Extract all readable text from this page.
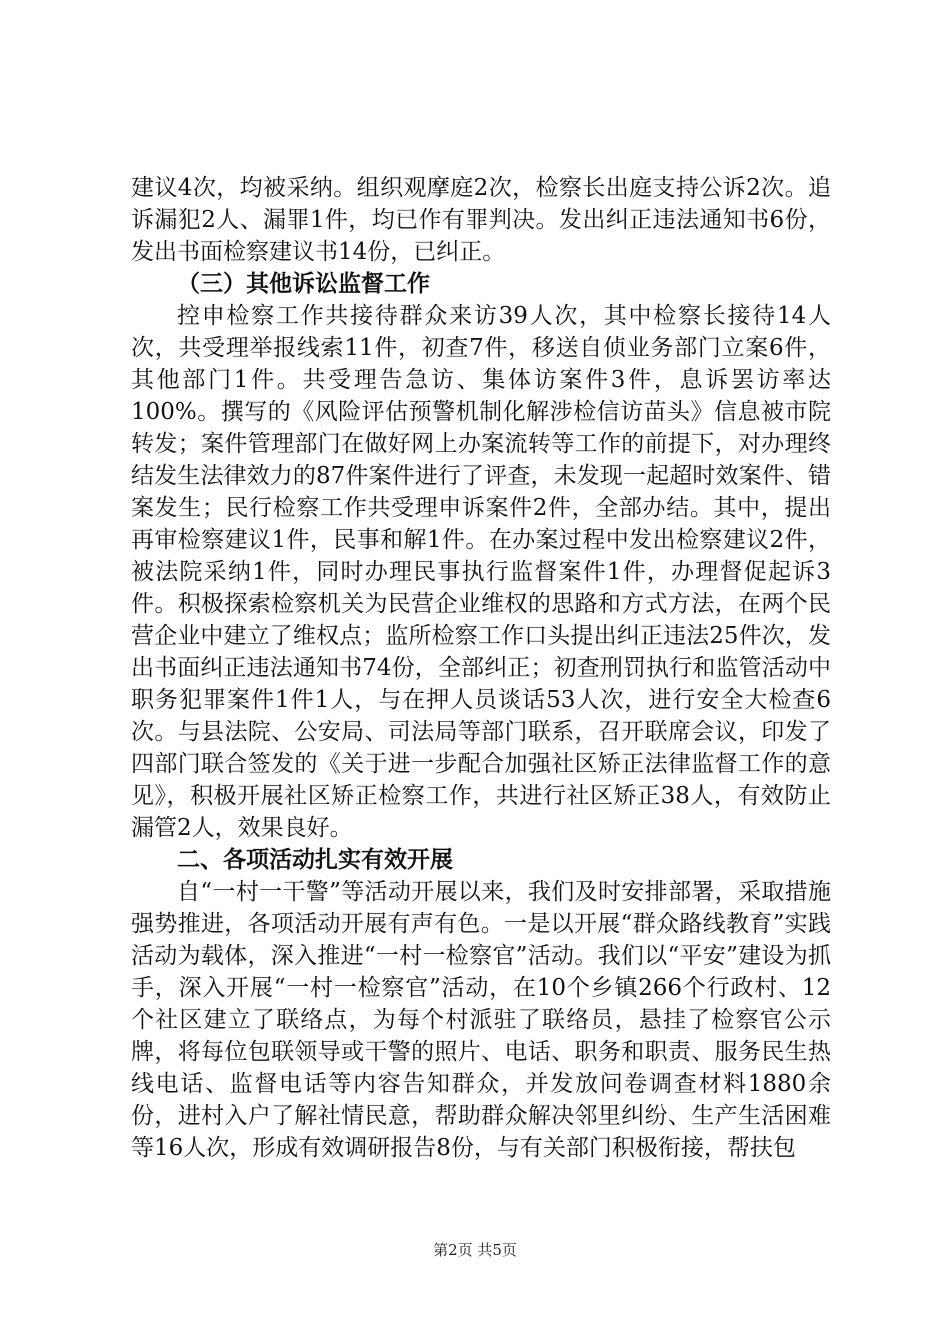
建议4次，均被采纳。组织观摩庭2次，检察长出庭支持公诉2次。追诉漏犯2人、漏罪1件，均已作有罪判决。发出纠正违法通知书6份，发出书面检察建议书14份，已纠正。

（三）其他诉讼监督工作

控申检察工作共接待群众来访39人次，其中检察长接待14人次，共受理举报线索11件，初查7件，移送自侦业务部门立案6件，其他部门1件。共受理告急访、集体访案件3件，息诉罢访率达100%。撰写的《风险评估预警机制化解涉检信访苗头》信息被市院转发；案件管理部门在做好网上办案流转等工作的前提下，对办理终结发生法律效力的87件案件进行了评查，未发现一起超时效案件、错案发生；民行检察工作共受理申诉案件2件，全部办结。其中，提出再审检察建议1件，民事和解1件。在办案过程中发出检察建议2件，被法院采纳1件，同时办理民事执行监督案件1件，办理督促起诉3件。积极探索检察机关为民营企业维权的思路和方式方法，在两个民营企业中建立了维权点；监所检察工作口头提出纠正违法25件次，发出书面纠正违法通知书74份，全部纠正；初查刑罚执行和监管活动中职务犯罪案件1件1人，与在押人员谈话53人次，进行安全大检查6次。与县法院、公安局、司法局等部门联系，召开联席会议，印发了四部门联合签发的《关于进一步配合加强社区矫正法律监督工作的意见》，积极开展社区矫正检察工作，共进行社区矫正38人，有效防止漏管2人，效果良好。

二、各项活动扎实有效开展

自“一村一干警”等活动开展以来，我们及时安排部署，采取措施强势推进，各项活动开展有声有色。一是以开展“群众路线教育”实践活动为载体，深入推进“一村一检察官”活动。我们以“平安”建设为抓手，深入开展“一村一检察官”活动，在10个乡镇266个行政村、12个社区建立了联络点，为每个村派驻了联络员，悬挂了检察官公示牌，将每位包联领导或干警的照片、电话、职务和职责、服务民生热线电话、监督电话等内容告知群众，并发放问卷调查材料1880余份，进村入户了解社情民意，帮助群众解决邻里纠纷、生产生活困难等16人次，形成有效调研报告8份，与有关部门积极衔接，帮扶包

第2页 共5页
